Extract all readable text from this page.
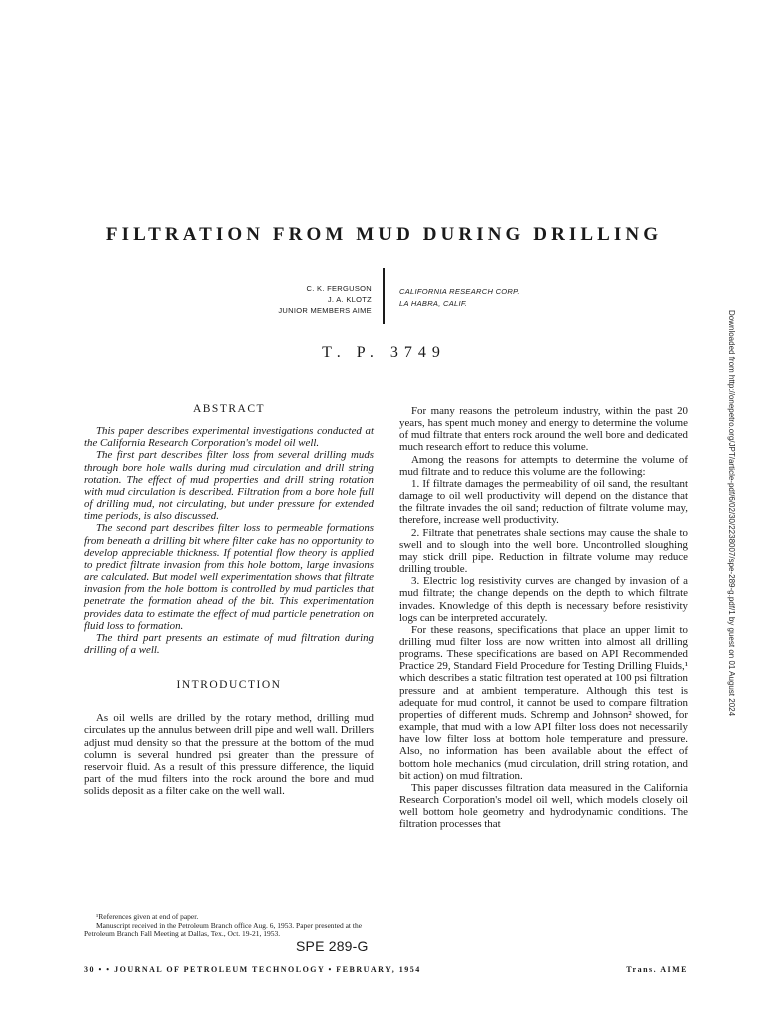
FILTRATION FROM MUD DURING DRILLING
C. K. FERGUSON
J. A. KLOTZ
JUNIOR MEMBERS AIME
CALIFORNIA RESEARCH CORP.
LA HABRA, CALIF.
T. P. 3749	Downloaded from http://onepetro.org/JPT/article-pdf/6/02/30/2238007/spe-289-g.pdf/1 by guest on 01 August 2024

ABSTRACT

This paper describes experimental investigations conducted at the California Research Corporation's model oil well.

The first part describes filter loss from several drilling muds through bore hole walls during mud circulation and drill string rotation. The effect of mud properties and drill string rotation with mud circulation is described. Filtration from a bore hole full of drilling mud, not circulating, but under pressure for extended time periods, is also discussed.

The second part describes filter loss to permeable formations from beneath a drilling bit where filter cake has no opportunity to develop appreciable thickness. If potential flow theory is applied to predict filtrate invasion from this hole bottom, large invasions are calculated. But model well experimentation shows that filtrate invasion from the hole bottom is controlled by mud particles that penetrate the formation ahead of the bit. This experimentation provides data to estimate the effect of mud particle penetration on fluid loss to formation.

The third part presents an estimate of mud filtration during drilling of a well.

INTRODUCTION

As oil wells are drilled by the rotary method, drilling mud circulates up the annulus between drill pipe and well wall. Drillers adjust mud density so that the pressure at the bottom of the mud column is several hundred psi greater than the pressure of reservoir fluid. As a result of this pressure difference, the liquid part of the mud filters into the rock around the bore and mud solids deposit as a filter cake on the well wall.

For many reasons the petroleum industry, within the past 20 years, has spent much money and energy to determine the volume of mud filtrate that enters rock around the well bore and dedicated much research effort to reduce this volume.

Among the reasons for attempts to determine the volume of mud filtrate and to reduce this volume are the following:

1. If filtrate damages the permeability of oil sand, the resultant damage to oil well productivity will depend on the distance that the filtrate invades the oil sand; reduction of filtrate volume may, therefore, increase well productivity.

2. Filtrate that penetrates shale sections may cause the shale to swell and to slough into the well bore. Uncontrolled sloughing may stick drill pipe. Reduction in filtrate volume may reduce drilling trouble.

3. Electric log resistivity curves are changed by invasion of a mud filtrate; the change depends on the depth to which filtrate invades. Knowledge of this depth is necessary before resistivity logs can be interpreted accurately.

For these reasons, specifications that place an upper limit to drilling mud filter loss are now written into almost all drilling programs. These specifications are based on API Recommended Practice 29, Standard Field Procedure for Testing Drilling Fluids,¹ which describes a static filtration test operated at 100 psi filtration pressure and at ambient temperature. Although this test is adequate for mud control, it cannot be used to compare filtration properties of different muds. Schremp and Johnson² showed, for example, that mud with a low API filter loss does not necessarily have low filter loss at bottom hole temperature and pressure. Also, no information has been available about the effect of bottom hole mechanics (mud circulation, drill string rotation, and bit action) on mud filtration.

This paper discusses filtration data measured in the California Research Corporation's model oil well, which models closely oil well bottom hole geometry and hydrodynamic conditions. The filtration processes that

¹References given at end of paper.

Manuscript received in the Petroleum Branch office Aug. 6, 1953. Paper presented at the Petroleum Branch Fall Meeting at Dallas, Tex., Oct. 19-21, 1953.

SPE 289-G
30 • • JOURNAL OF PETROLEUM TECHNOLOGY • FEBRUARY, 1954	Trans. AIME
